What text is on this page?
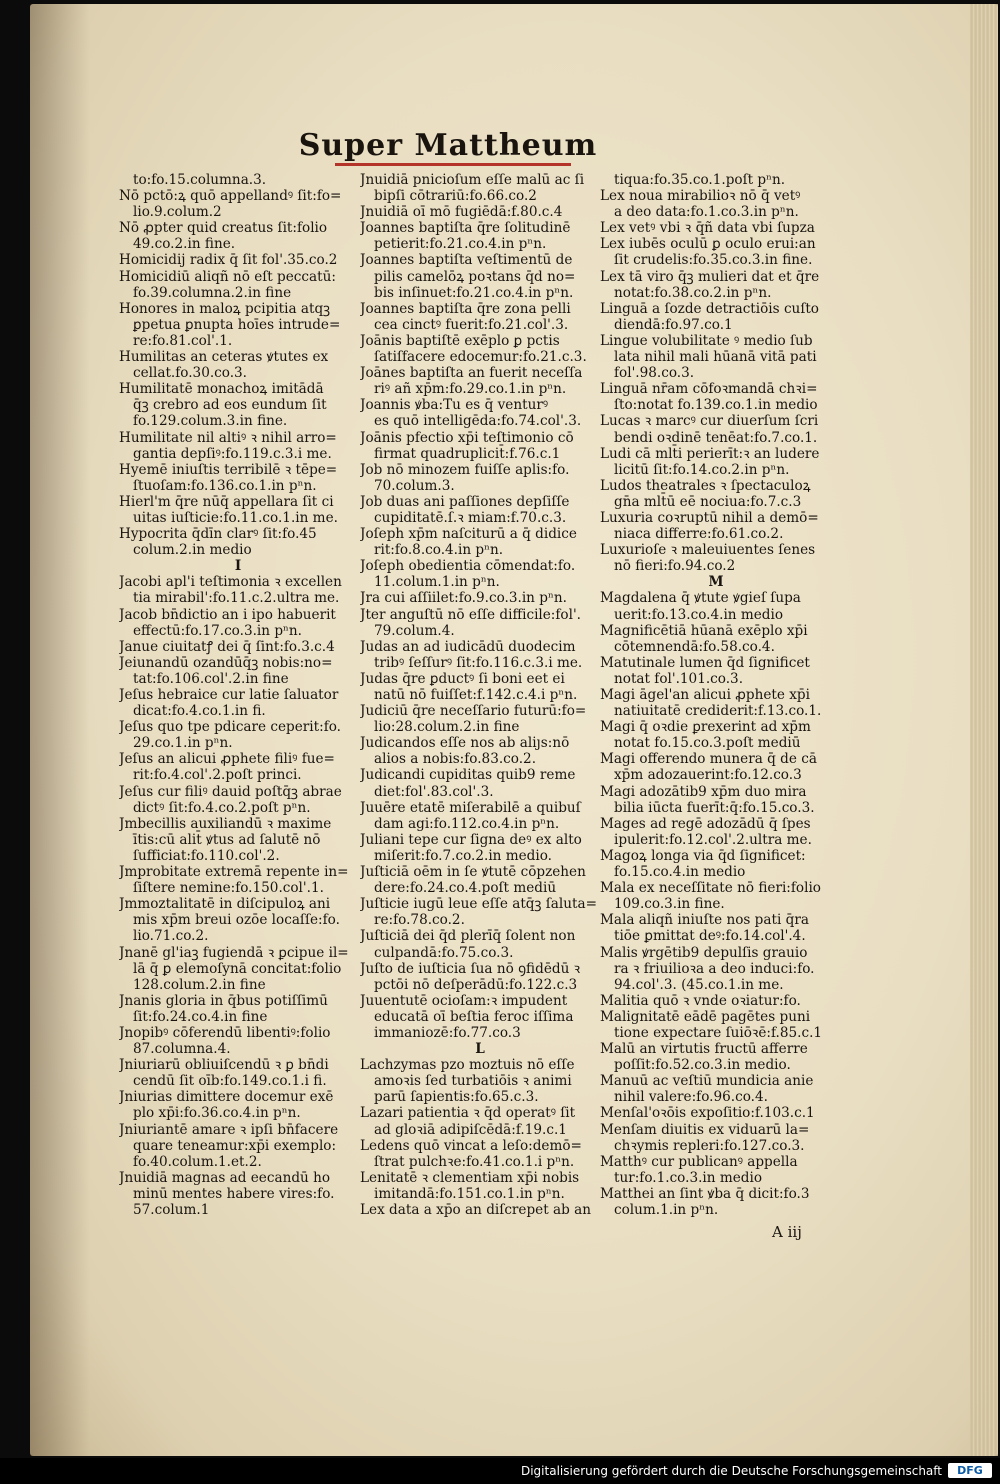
Super Mattheum
to:fo.15.columna.3.
Nō pctō:ꝝ quō appellandꝰ ſit:fo=
lio.9.colum.2
Nō ꝓpter quid creatus ſit:folio
49.co.2.in fine.
Homicidij radix q̄ ſit fol'.35.co.2
Homicidiū aliqñ nō eſt peccatū:
fo.39.columna.2.in fine
Honores in maloꝝ pcipitia atqꝫ
ꝑpetua ꝑnupta hoīes intrude=
re:fo.81.col'.1.
Humilitas an ceteras ꝟtutes ex
cellat.fo.30.co.3.
Humilitatē monachoꝝ imitādā
q̄ꝫ crebro ad eos eundum ſit
fo.129.colum.3.in fine.
Humilitate nil altiꝰ ꝛ nihil arro=
gantia depſiꝰ:fo.119.c.3.i me.
Hyemē iniuſtis terribilē ꝛ tēpe=
ſtuoſam:fo.136.co.1.in pⁿn.
Hierl'm q̄re nūq̄ appellara ſit ci
uitas iuſticie:fo.11.co.1.in me.
Hypocrita q̄dīn clarꝰ ſit:fo.45
colum.2.in medio
I
Jacobi apl'i teſtimonia ꝛ excellen
tia mirabil':fo.11.c.2.ultra me.
Jacob bn̄dictio an i ipo habuerit
effectū:fo.17.co.3.in pⁿn.
Janue ciuitatꝭ dei q̄ ſint:fo.3.c.4
Jeiunandū ozandūq̄ꝫ nobis:no=
tat:fo.106.col'.2.in fine
Jeſus hebraice cur latie ſaluator
dicat:fo.4.co.1.in fi.
Jeſus quo tpe pdicare ceperit:fo.
29.co.1.in pⁿn.
Jeſus an alicui ꝓphete filiꝰ fue=
rit:fo.4.col'.2.poſt princi.
Jeſus cur filiꝰ dauid poſtq̄ꝫ abrae
dictꝰ ſit:fo.4.co.2.poſt pⁿn.
Jmbecillis auxiliandū ꝛ maxime
ītis:cū alit̄ ꝟtus ad ſalutē nō
ſufficiat:fo.110.col'.2.
Jmprobitate extremā repente in=
ſiſtere nemine:fo.150.col'.1.
Jmmoztalitatē in diſcipuloꝝ ani
mis xp̄m breui ozōe locaſſe:fo.
lio.71.co.2.
Jnanē gl'iaꝫ fugiendā ꝛ ꝑcipue il=
lā q̄ ꝑ elemoſynā concitat:folio
128.colum.2.in fine
Jnanis gloria in q̄bus potiſſimū
ſit:fo.24.co.4.in fine
Jnopibꝰ cōferendū libentiꝰ:folio
87.columna.4.
Jniuriarū obliuiſcendū ꝛ ꝑ bn̄di
cendū ſit oīb:fo.149.co.1.i fi.
Jniurias dimittere docemur exē
plo xp̄i:fo.36.co.4.in pⁿn.
Jniuriantē amare ꝛ ipſi bn̄facere
quare teneamur:xp̄i exemplo:
fo.40.colum.1.et.2.
Jnuidiā magnas ad eecandū ho
minū mentes habere vires:fo.
57.colum.1
Jnuidiā pnicioſum eſſe malū ac ſi
bipſi cōtrariū:fo.66.co.2
Jnuidiā oī mō fugiēdā:f.80.c.4
Joannes baptiſta q̄re ſolitudinē
petierit:fo.21.co.4.in pⁿn.
Joannes baptiſta veſtimentū de
pilis camelōꝝ poꝛtans q̄d no=
bis inſinuet:fo.21.co.4.in pⁿn.
Joannes baptiſta q̄re zona pelli
cea cinctꝰ fuerit:fo.21.col'.3.
Joānis baptiſtē exēplo ꝑ pctis
ſatiſfacere edocemur:fo.21.c.3.
Joānes baptiſta an fuerit neceſſa
riꝰ añ xp̄m:fo.29.co.1.in pⁿn.
Joannis ꝟba:Tu es q̄ venturꝰ
es quō intelligēda:fo.74.col'.3.
Joānis pfectio xp̄i teſtimonio cō
firmat quadruplicit̄:f.76.c.1
Job nō minozem fuiſſe aplis:fo.
70.colum.3.
Job duas ani paſſiones depſiſſe
cupiditatē.ſ.ꝛ miam:f.70.c.3.
Joſeph xp̄m naſciturū a q̄ didice
rit:fo.8.co.4.in pⁿn.
Joſeph obedientia cōmendat:fo.
11.colum.1.in pⁿn.
Jra cui aſſiilet:fo.9.co.3.in pⁿn.
Jter anguſtū nō eſſe difficile:fol'.
79.colum.4.
Judas an ad iudicādū duodecim
tribꝰ ſeſſurꝰ ſit:fo.116.c.3.i me.
Judas q̄re ꝑductꝰ ſi boni eet ei
natū nō fuiſſet:f.142.c.4.i pⁿn.
Judiciū q̄re neceſſario futurū:fo=
lio:28.colum.2.in fine
Judicandos eſſe nos ab aliȷs:nō
alios a nobis:fo.83.co.2.
Judicandi cupiditas quib9 reme
diet:fol'.83.col'.3.
Juuēre etatē miſerabilē a quibuſ
dam agi:fo.112.co.4.in pⁿn.
Juliani tepe cur ſigna deꝰ ex alto
miſerit:fo.7.co.2.in medio.
Juſticiā oēm in ſe ꝟtutē cōpzehen
dere:fo.24.co.4.poſt mediū
Juſticie iugū leue eſſe atq̄ꝫ ſaluta=
re:fo.78.co.2.
Juſticiā dei q̄d plerīq̄ ſolent non
culpandā:fo.75.co.3.
Juſto de iuſticia ſua nō ꝯfidēdū ꝛ
pctōi nō deſperādū:fo.122.c.3
Juuentutē ocioſam:ꝛ impudent
educatā oī̄ beſtia feroc iſſima
immaniozē:fo.77.co.3
L
Lachzymas pzo moztuis nō eſſe
amoꝛis ſed turbatiōis ꝛ animi
parū ſapientis:fo.65.c.3.
Lazari patientia ꝛ q̄d operatꝰ ſit
ad gloꝛiā adipiſcēdā:f.19.c.1
Ledens quō vincat a leſo:demō=
ſtrat pulchꝛe:fo.41.co.1.i pⁿn.
Lenitatē ꝛ clementiam xp̄i nobis
imitandā:fo.151.co.1.in pⁿn.
Lex data a xp̄o an diſcrepet ab an
tiqua:fo.35.co.1.poſt pⁿn.
Lex noua mirabilioꝛ nō q̄ vetꝰ
a deo data:fo.1.co.3.in pⁿn.
Lex vetꝰ vbi ꝛ q̄ñ data vbi ſupza
Lex iubēs oculū ꝑ oculo erui:an
ſit crudelis:fo.35.co.3.in fine.
Lex tā viro q̄ꝫ mulieri dat et q̄re
notat:fo.38.co.2.in pⁿn.
Linguā a ſozde detractiōis cuſto
diendā:fo.97.co.1
Lingue volubilitate ꝰ medio ſub
lata nihil mali hūanā vitā pati
fol'.98.co.3.
Linguā nr̄am cōfoꝛmandā chꝛi=
ſto:notat fo.139.co.1.in medio
Lucas ꝛ marcꝰ cur diuerſum ſcri
bendi oꝛdinē tenēat:fo.7.co.1.
Ludi cā mlt̄i perierīt:ꝛ an ludere
licitū ſit:fo.14.co.2.in pⁿn.
Ludos theatrales ꝛ ſpectaculoꝝ
gn̄a mlt̄ū eē nociua:fo.7.c.3
Luxuria coꝛruptū nihil a demō=
niaca differre:fo.61.co.2.
Luxurioſe ꝛ maleuiuentes ſenes
nō fieri:fo.94.co.2
M
Magdalena q̄ ꝟtute ꝟgieſ ſupa
uerit:fo.13.co.4.in medio
Magnificētiā hūanā exēplo xp̄i
cōtemnendā:fo.58.co.4.
Matutinale lumen q̄d ſignificet
notat fol'.101.co.3.
Magi āgel'an alicui ꝓphete xp̄i
natiuitatē crediderit:f.13.co.1.
Magi q̄ oꝛdie ꝑrexerint ad xp̄m
notat fo.15.co.3.poſt mediū
Magi offerendo munera q̄ de cā
xp̄m adozauerint:fo.12.co.3
Magi adozātib9 xp̄m duo mira
bilia iūcta fuerīt:q̄:fo.15.co.3.
Mages ad regē adozādū q̄ ſpes
ipulerit:fo.12.col'.2.ultra me.
Magoꝝ longa via q̄d ſignificet:
fo.15.co.4.in medio
Mala ex neceſſitate nō fieri:folio
109.co.3.in fine.
Mala aliqñ iniuſte nos pati q̄ra
tiōe ꝑmittat deꝰ:fo.14.col'.4.
Malis ꝟrgētib9 depulſis grauio
ra ꝛ friuilioꝛa a deo induci:fo.
94.col'.3. (45.co.1.in me.
Malitia quō ꝛ vnde oꝛiatur:fo.
Malignitatē eādē pagētes puni
tione expectare ſuiōꝛē:f.85.c.1
Malū an virtutis fructū afferre
poſſit:fo.52.co.3.in medio.
Manuū ac veſtiū mundicia anie
nihil valere:fo.96.co.4.
Menſal'oꝛōis expoſitio:f.103.c.1
Menſam diuitis ex viduarū la=
chꝛymis repleri:fo.127.co.3.
Matthꝰ cur publicanꝰ appella
tur:fo.1.co.3.in medio
Matthei an ſint ꝟba q̄ dicit:fo.3
colum.1.in pⁿn.
A iij
Digitalisierung gefördert durch die Deutsche Forschungsgemeinschaft	DFG
